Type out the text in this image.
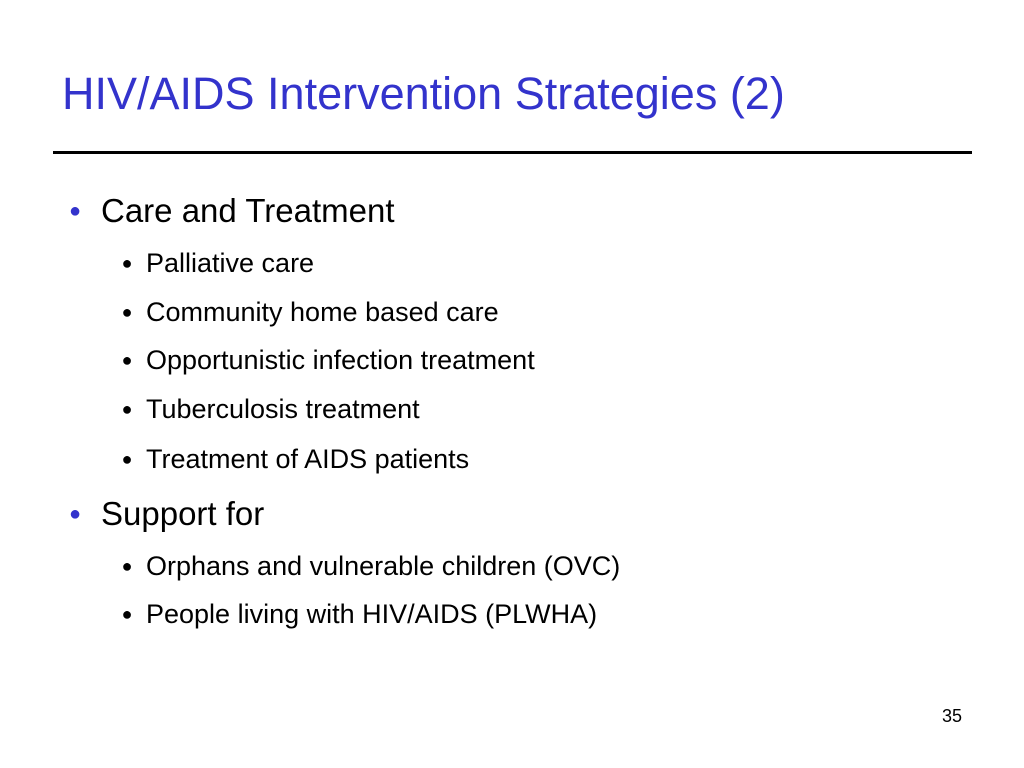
HIV/AIDS Intervention Strategies (2)
● Care and Treatment
● Palliative care
● Community home based care
● Opportunistic infection treatment
● Tuberculosis treatment
● Treatment of AIDS patients
● Support for
● Orphans and vulnerable children (OVC)
● People living with HIV/AIDS (PLWHA)
35
